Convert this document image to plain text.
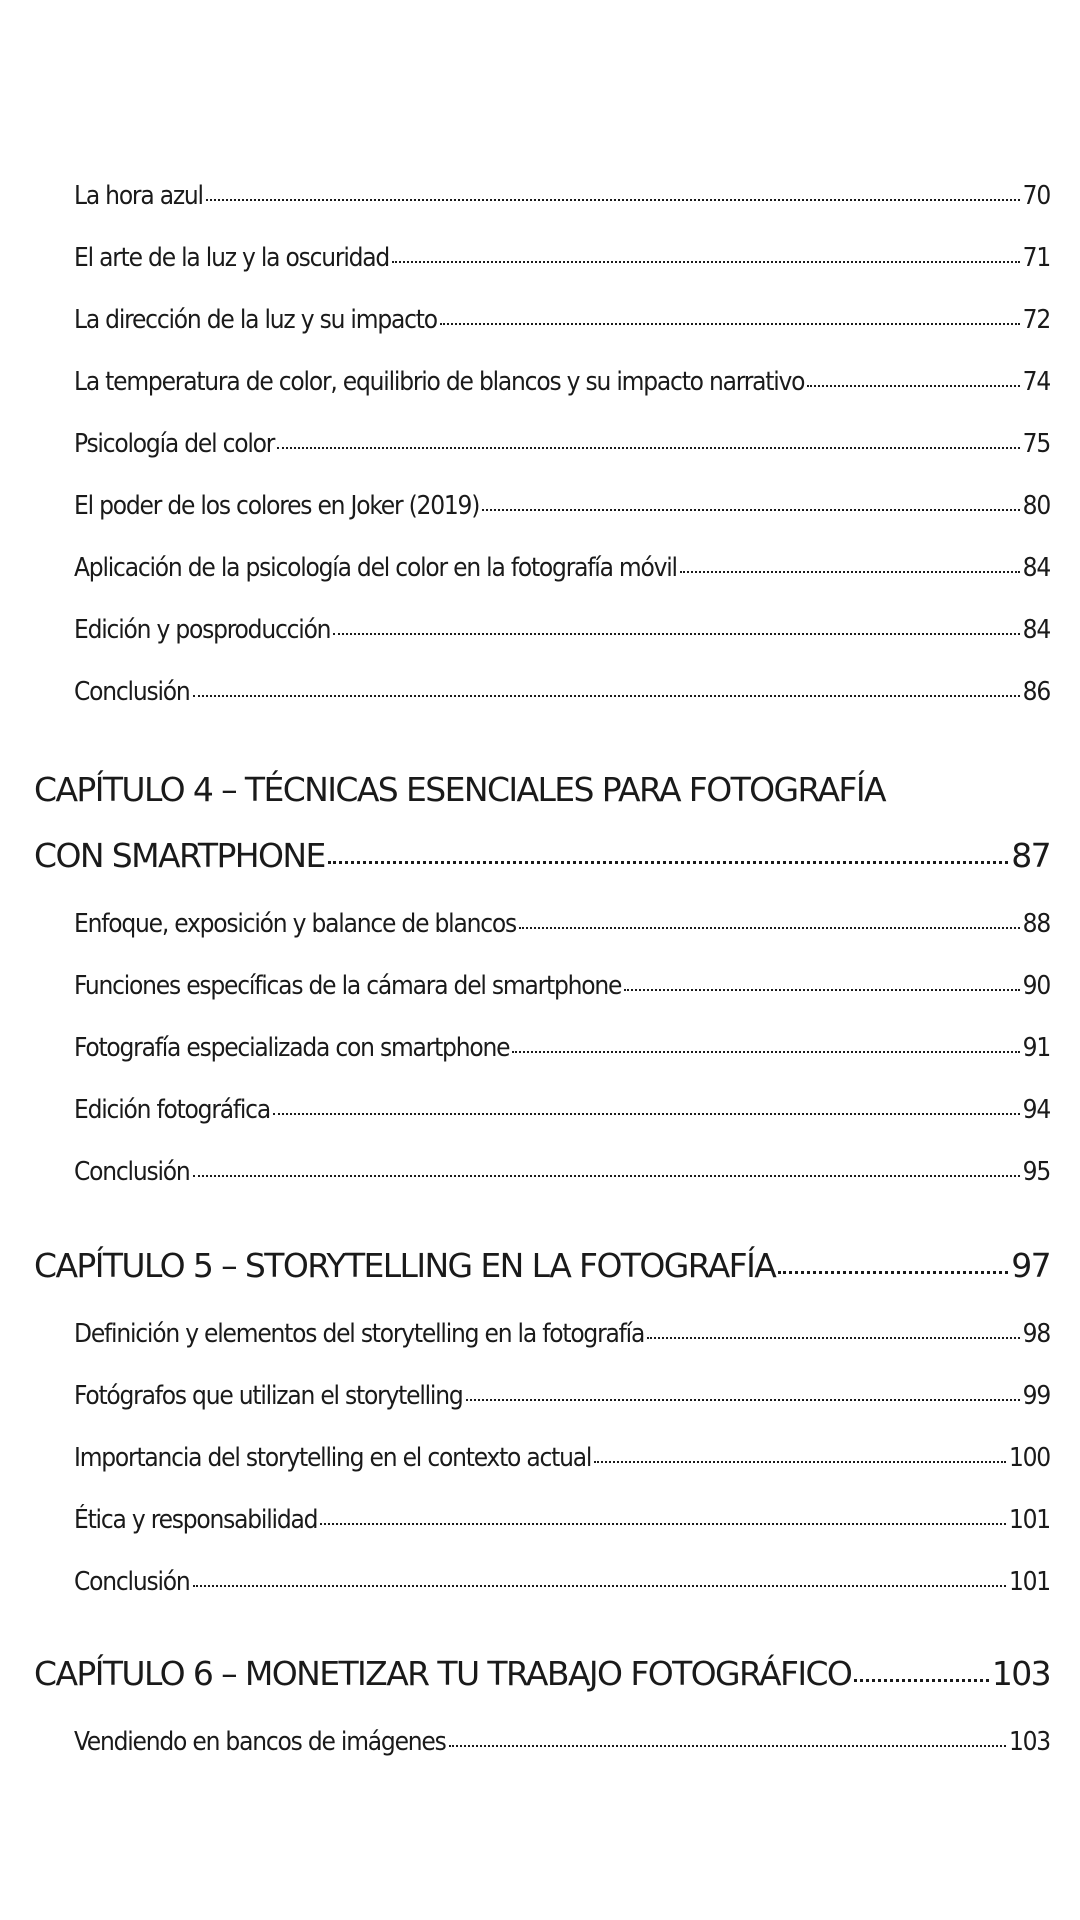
La hora azul	70
El arte de la luz y la oscuridad	71
La dirección de la luz y su impacto	72
La temperatura de color, equilibrio de blancos y su impacto narrativo	74
Psicología del color	75
El poder de los colores en Joker (2019)	80
Aplicación de la psicología del color en la fotografía móvil	84
Edición y posproducción	84
Conclusión	86
CAPÍTULO 4 – TÉCNICAS ESENCIALES PARA FOTOGRAFÍA
CON SMARTPHONE	87
Enfoque, exposición y balance de blancos	88
Funciones específicas de la cámara del smartphone	90
Fotografía especializada con smartphone	91
Edición fotográfica	94
Conclusión	95
CAPÍTULO 5 – STORYTELLING EN LA FOTOGRAFÍA	97
Definición y elementos del storytelling en la fotografía	98
Fotógrafos que utilizan el storytelling	99
Importancia del storytelling en el contexto actual	100
Ética y responsabilidad	101
Conclusión	101
CAPÍTULO 6 – MONETIZAR TU TRABAJO FOTOGRÁFICO	103
Vendiendo en bancos de imágenes	103
